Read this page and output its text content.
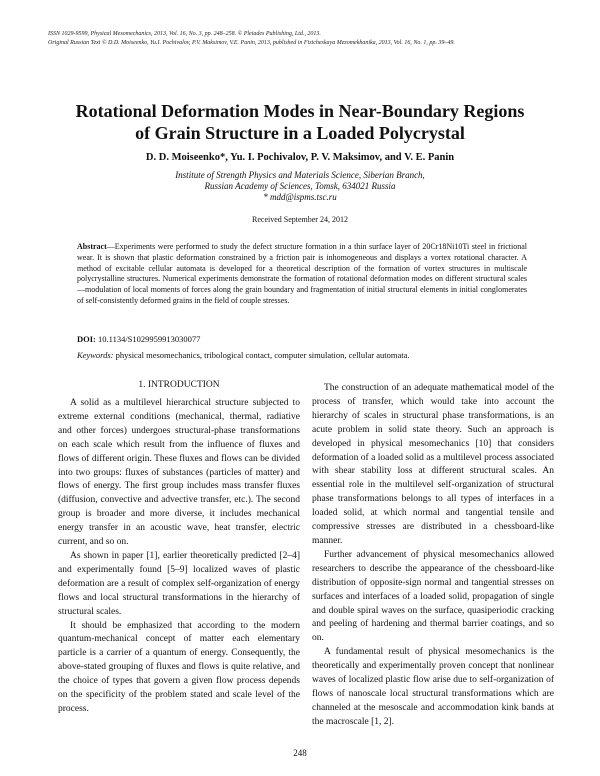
ISSN 1029-9599, Physical Mesomechanics, 2013, Vol. 16, No. 3, pp. 248–258. © Pleiades Publishing, Ltd., 2013.
Original Russian Text © D.D. Moiseenko, Yu.I. Pochivalov, P.V. Maksimov, V.E. Panin, 2013, published in Fizicheskaya Mezomekhanika, 2013, Vol. 16, No. 1, pp. 39–49.
Rotational Deformation Modes in Near-Boundary Regions
of Grain Structure in a Loaded Polycrystal
D. D. Moiseenko*, Yu. I. Pochivalov, P. V. Maksimov, and V. E. Panin
Institute of Strength Physics and Materials Science, Siberian Branch,
Russian Academy of Sciences, Tomsk, 634021 Russia
* mdd@ispms.tsc.ru
Received September 24, 2012
Abstract—Experiments were performed to study the defect structure formation in a thin surface layer of 20Cr18Ni10Ti steel in frictional wear. It is shown that plastic deformation constrained by a friction pair is inhomogeneous and displays a vortex rotational character. A method of excitable cellular automata is developed for a theoretical description of the formation of vortex structures in multiscale polycrystalline structures. Numerical experiments demonstrate the formation of rotational deformation modes on different structural scales—modulation of local moments of forces along the grain boundary and fragmentation of initial structural elements in initial conglomerates of self-consistently deformed grains in the field of couple stresses.
DOI: 10.1134/S1029959913030077
Keywords: physical mesomechanics, tribological contact, computer simulation, cellular automata.
1. INTRODUCTION

A solid as a multilevel hierarchical structure subjected to extreme external conditions (mechanical, thermal, radiative and other forces) undergoes structural-phase transformations on each scale which result from the influence of fluxes and flows of different origin. These fluxes and flows can be divided into two groups: fluxes of substances (particles of matter) and flows of energy. The first group includes mass transfer fluxes (diffusion, convective and advective transfer, etc.). The second group is broader and more diverse, it includes mechanical energy transfer in an acoustic wave, heat transfer, electric current, and so on.

As shown in paper [1], earlier theoretically predicted [2–4] and experimentally found [5–9] localized waves of plastic deformation are a result of complex self-organization of energy flows and local structural transformations in the hierarchy of structural scales.

It should be emphasized that according to the modern quantum-mechanical concept of matter each elementary particle is a carrier of a quantum of energy. Consequently, the above-stated grouping of fluxes and flows is quite relative, and the choice of types that govern a given flow process depends on the specificity of the problem stated and scale level of the process.

The construction of an adequate mathematical model of the process of transfer, which would take into account the hierarchy of scales in structural phase transformations, is an acute problem in solid state theory. Such an approach is developed in physical mesomechanics [10] that considers deformation of a loaded solid as a multilevel process associated with shear stability loss at different structural scales. An essential role in the multilevel self-organization of structural phase transformations belongs to all types of interfaces in a loaded solid, at which normal and tangential tensile and compressive stresses are distributed in a chessboard-like manner.

Further advancement of physical mesomechanics allowed researchers to describe the appearance of the chessboard-like distribution of opposite-sign normal and tangential stresses on surfaces and interfaces of a loaded solid, propagation of single and double spiral waves on the surface, quasiperiodic cracking and peeling of hardening and thermal barrier coatings, and so on.

A fundamental result of physical mesomechanics is the theoretically and experimentally proven concept that nonlinear waves of localized plastic flow arise due to self-organization of flows of nanoscale local structural transformations which are channeled at the mesoscale and accommodation kink bands at the macroscale [1, 2].

248
